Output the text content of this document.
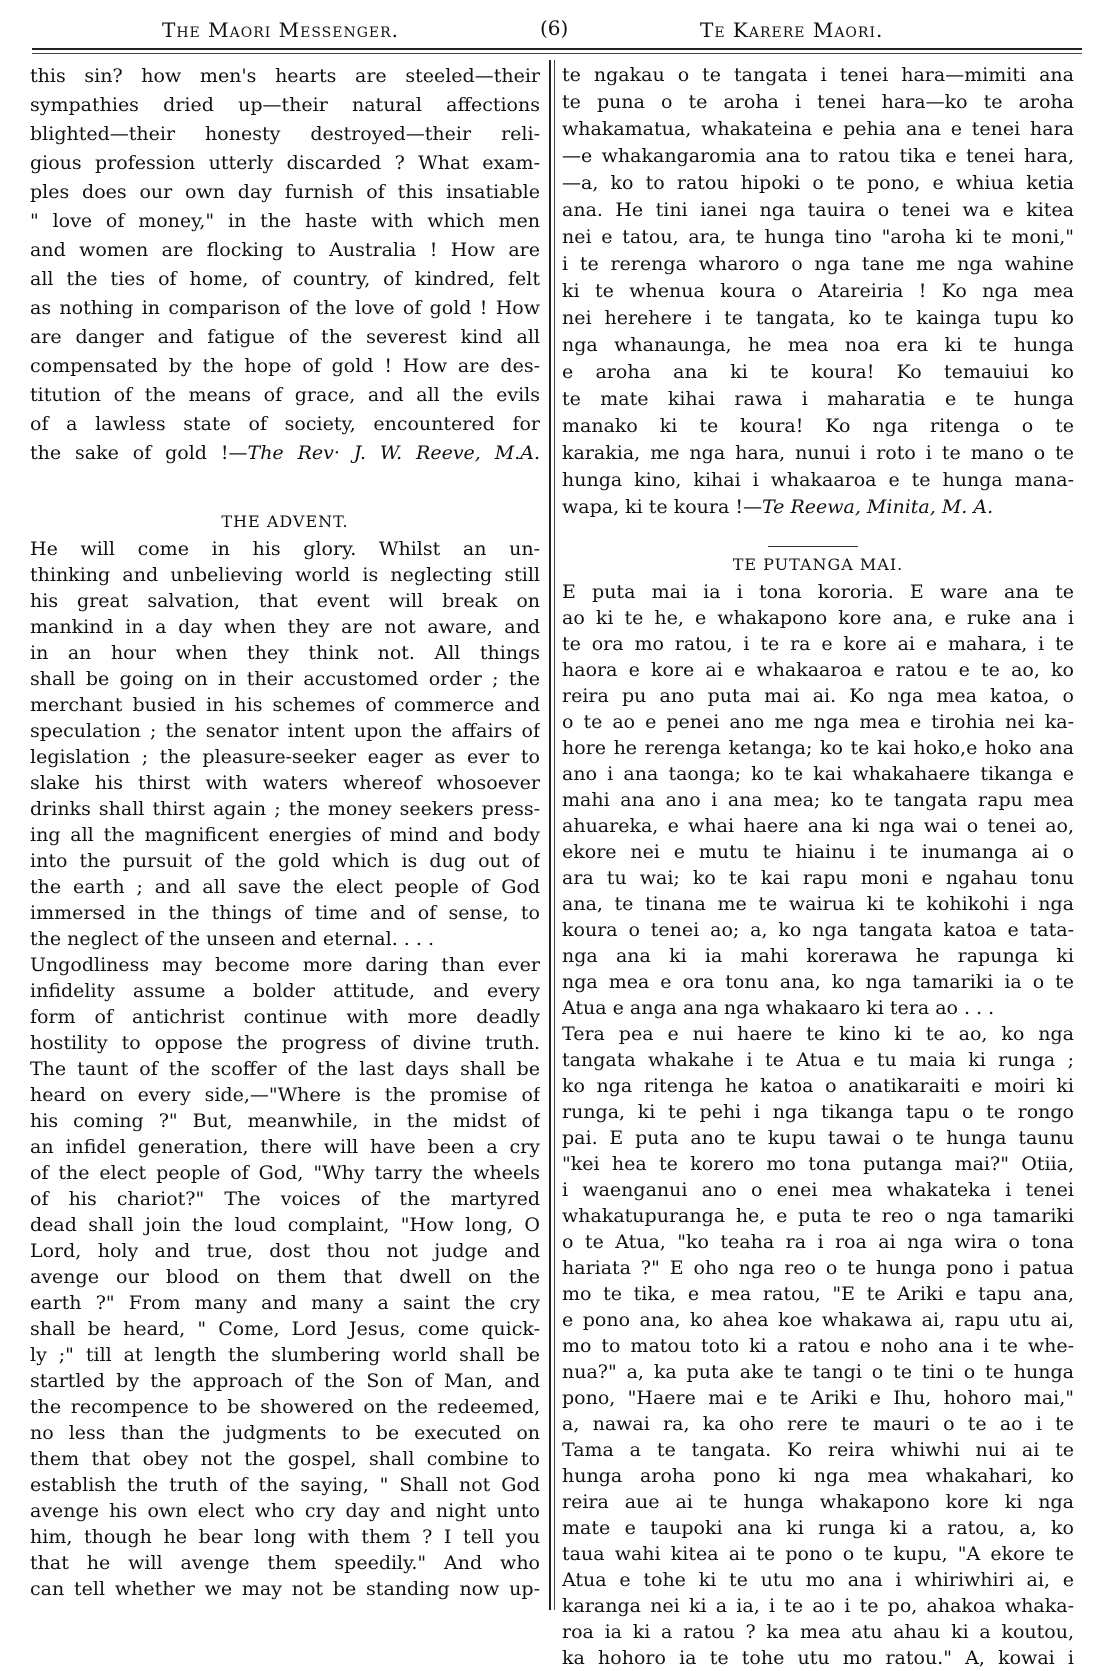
The Maori Messenger.	(6)	Te Karere Maori.
this sin? how men's hearts are steeled—their
sympathies dried up—their natural affections
blighted—their honesty destroyed—their reli-
gious profession utterly discarded ? What exam-
ples does our own day furnish of this insatiable
" love of money," in the haste with which men
and women are flocking to Australia ! How are
all the ties of home, of country, of kindred, felt
as nothing in comparison of the love of gold ! How
are danger and fatigue of the severest kind all
compensated by the hope of gold ! How are des-
titution of the means of grace, and all the evils
of a lawless state of society, encountered for
the sake of gold !—The Rev· J. W. Reeve, M.A.
THE ADVENT.
He will come in his glory. Whilst an un-
thinking and unbelieving world is neglecting still
his great salvation, that event will break on
mankind in a day when they are not aware, and
in an hour when they think not. All things
shall be going on in their accustomed order ; the
merchant busied in his schemes of commerce and
speculation ; the senator intent upon the affairs of
legislation ; the pleasure-seeker eager as ever to
slake his thirst with waters whereof whosoever
drinks shall thirst again ; the money seekers press-
ing all the magnificent energies of mind and body
into the pursuit of the gold which is dug out of
the earth ; and all save the elect people of God
immersed in the things of time and of sense, to
the neglect of the unseen and eternal. . . .
Ungodliness may become more daring than ever
infidelity assume a bolder attitude, and every
form of antichrist continue with more deadly
hostility to oppose the progress of divine truth.
The taunt of the scoffer of the last days shall be
heard on every side,—"Where is the promise of
his coming ?" But, meanwhile, in the midst of
an infidel generation, there will have been a cry
of the elect people of God, "Why tarry the wheels
of his chariot?" The voices of the martyred
dead shall join the loud complaint, "How long, O
Lord, holy and true, dost thou not judge and
avenge our blood on them that dwell on the
earth ?" From many and many a saint the cry
shall be heard, " Come, Lord Jesus, come quick-
ly ;" till at length the slumbering world shall be
startled by the approach of the Son of Man, and
the recompence to be showered on the redeemed,
no less than the judgments to be executed on
them that obey not the gospel, shall combine to
establish the truth of the saying, " Shall not God
avenge his own elect who cry day and night unto
him, though he bear long with them ? I tell you
that he will avenge them speedily." And who
can tell whether we may not be standing now up-
te ngakau o te tangata i tenei hara—mimiti ana
te puna o te aroha i tenei hara—ko te aroha
whakamatua, whakateina e pehia ana e tenei hara
—e whakangaromia ana to ratou tika e tenei hara,
—a, ko to ratou hipoki o te pono, e whiua ketia
ana. He tini ianei nga tauira o tenei wa e kitea
nei e tatou, ara, te hunga tino "aroha ki te moni,"
i te rerenga wharoro o nga tane me nga wahine
ki te whenua koura o Atareiria ! Ko nga mea
nei herehere i te tangata, ko te kainga tupu ko
nga whanaunga, he mea noa era ki te hunga
e aroha ana ki te koura! Ko temauiui ko
te mate kihai rawa i maharatia e te hunga
manako ki te koura! Ko nga ritenga o te
karakia, me nga hara, nunui i roto i te mano o te
hunga kino, kihai i whakaaroa e te hunga mana-
wapa, ki te koura !—Te Reewa, Minita, M. A.
TE PUTANGA MAI.
E puta mai ia i tona kororia. E ware ana te
ao ki te he, e whakapono kore ana, e ruke ana i
te ora mo ratou, i te ra e kore ai e mahara, i te
haora e kore ai e whakaaroa e ratou e te ao, ko
reira pu ano puta mai ai. Ko nga mea katoa, o
o te ao e penei ano me nga mea e tirohia nei ka-
hore he rerenga ketanga; ko te kai hoko,e hoko ana
ano i ana taonga; ko te kai whakahaere tikanga e
mahi ana ano i ana mea; ko te tangata rapu mea
ahuareka, e whai haere ana ki nga wai o tenei ao,
ekore nei e mutu te hiainu i te inumanga ai o
ara tu wai; ko te kai rapu moni e ngahau tonu
ana, te tinana me te wairua ki te kohikohi i nga
koura o tenei ao; a, ko nga tangata katoa e tata-
nga ana ki ia mahi korerawa he rapunga ki
nga mea e ora tonu ana, ko nga tamariki ia o te
Atua e anga ana nga whakaaro ki tera ao . . .
Tera pea e nui haere te kino ki te ao, ko nga
tangata whakahe i te Atua e tu maia ki runga ;
ko nga ritenga he katoa o anatikaraiti e moiri ki
runga, ki te pehi i nga tikanga tapu o te rongo
pai. E puta ano te kupu tawai o te hunga taunu
"kei hea te korero mo tona putanga mai?" Otiia,
i waenganui ano o enei mea whakateka i tenei
whakatupuranga he, e puta te reo o nga tamariki
o te Atua, "ko teaha ra i roa ai nga wira o tona
hariata ?" E oho nga reo o te hunga pono i patua
mo te tika, e mea ratou, "E te Ariki e tapu ana,
e pono ana, ko ahea koe whakawa ai, rapu utu ai,
mo to matou toto ki a ratou e noho ana i te whe-
nua?" a, ka puta ake te tangi o te tini o te hunga
pono, "Haere mai e te Ariki e Ihu, hohoro mai,"
a, nawai ra, ka oho rere te mauri o te ao i te
Tama a te tangata. Ko reira whiwhi nui ai te
hunga aroha pono ki nga mea whakahari, ko
reira aue ai te hunga whakapono kore ki nga
mate e taupoki ana ki runga ki a ratou, a, ko
taua wahi kitea ai te pono o te kupu, "A ekore te
Atua e tohe ki te utu mo ana i whiriwhiri ai, e
karanga nei ki a ia, i te ao i te po, ahakoa whaka-
roa ia ki a ratou ? ka mea atu ahau ki a koutou,
ka hohoro ia te tohe utu mo ratou." A, kowai i
